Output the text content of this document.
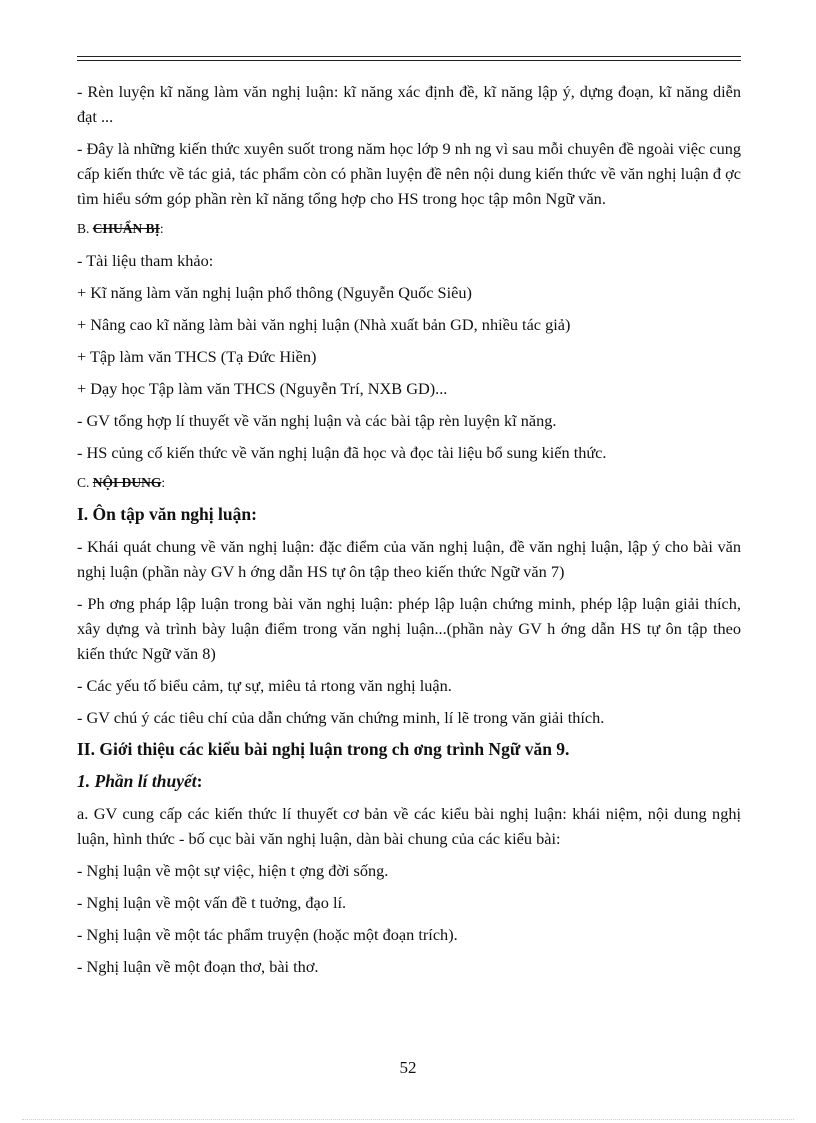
- Rèn luyện kĩ năng làm văn nghị luận: kĩ năng xác định đề, kĩ năng lập ý, dựng đoạn, kĩ năng diễn đạt ...

- Đây là những kiến thức xuyên suốt trong năm học lớp 9 nh ng vì sau mỗi chuyên đề ngoài việc cung cấp kiến thức về tác giả, tác phẩm còn có phần luyện đề nên nội dung kiến thức về văn nghị luận đ ợc tìm hiểu sớm góp phần rèn kĩ năng tổng hợp cho HS trong học tập môn Ngữ văn.

B. CHUẨN BỊ:

- Tài liệu tham khảo:

+ Kĩ năng làm văn nghị luận phổ thông (Nguyễn Quốc Siêu)

+ Nâng cao kĩ năng làm bài văn nghị luận (Nhà xuất bản GD, nhiều tác giả)

+ Tập làm văn THCS (Tạ Đức Hiền)

+ Dạy học Tập làm văn THCS (Nguyễn Trí, NXB GD)...

- GV tổng hợp lí thuyết về văn nghị luận và các bài tập rèn luyện kĩ năng.

- HS củng cố kiến thức về văn nghị luận đã học và đọc tài liệu bổ sung kiến thức.

C. NỘI DUNG:

I. Ôn tập văn nghị luận:

- Khái quát chung về văn nghị luận: đặc điểm của văn nghị luận, đề văn nghị luận, lập ý cho bài văn nghị luận (phần này GV h ớng dẫn HS tự ôn tập theo kiến thức Ngữ văn 7)

- Ph ơng pháp lập luận trong bài văn nghị luận: phép lập luận chứng minh, phép lập luận giải thích, xây dựng và trình bày luận điểm trong văn nghị luận...(phần này GV h ớng dẫn HS tự ôn tập theo kiến thức Ngữ văn 8)

- Các yếu tố biểu cảm, tự sự, miêu tả rtong văn nghị luận.

- GV chú ý các tiêu chí của dẫn chứng văn chứng minh, lí lẽ trong văn giải thích.

II. Giới thiệu các kiểu bài nghị luận trong ch ơng trình Ngữ văn 9.

1. Phần lí thuyết:

a. GV cung cấp các kiến thức lí thuyết cơ bản về các kiểu bài nghị luận: khái niệm, nội dung nghị luận, hình thức - bố cục bài văn nghị luận, dàn bài chung của các kiểu bài:

- Nghị luận về một sự việc, hiện t ợng đời sống.

- Nghị luận về một vấn đề t tuởng, đạo lí.

- Nghị luận về một tác phẩm truyện (hoặc một đoạn trích).

- Nghị luận về một đoạn thơ, bài thơ.

52
